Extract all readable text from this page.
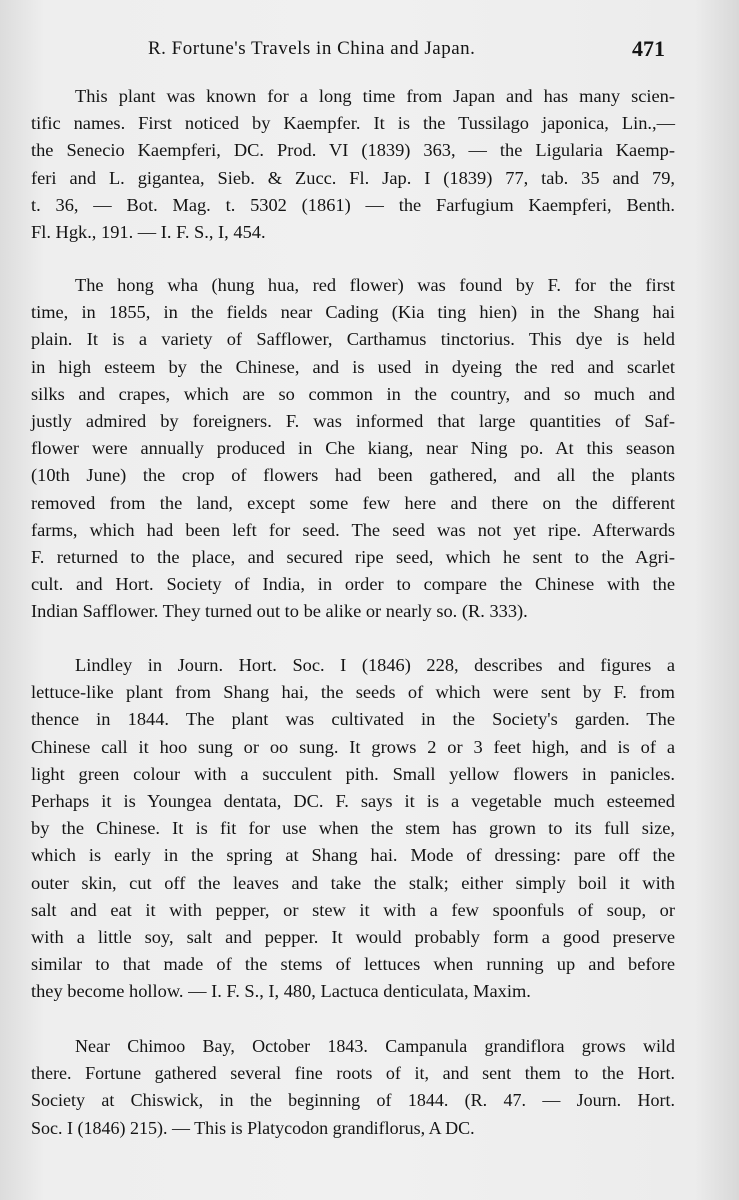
R. Fortune's Travels in China and Japan.	471
This plant was known for a long time from Japan and has many scien-
tific names. First noticed by Kaempfer. It is the Tussilago japonica, Lin.,—
the Senecio Kaempferi, DC. Prod. VI (1839) 363, — the Ligularia Kaemp-
feri and L. gigantea, Sieb. & Zucc. Fl. Jap. I (1839) 77, tab. 35 and 79,
t. 36, — Bot. Mag. t. 5302 (1861) — the Farfugium Kaempferi, Benth.
Fl. Hgk., 191. — I. F. S., I, 454.
The hong wha (hung hua, red flower) was found by F. for the first
time, in 1855, in the fields near Cading (Kia ting hien) in the Shang hai
plain. It is a variety of Safflower, Carthamus tinctorius. This dye is held
in high esteem by the Chinese, and is used in dyeing the red and scarlet
silks and crapes, which are so common in the country, and so much and
justly admired by foreigners. F. was informed that large quantities of Saf-
flower were annually produced in Che kiang, near Ning po. At this season
(10th June) the crop of flowers had been gathered, and all the plants
removed from the land, except some few here and there on the different
farms, which had been left for seed. The seed was not yet ripe. Afterwards
F. returned to the place, and secured ripe seed, which he sent to the Agri-
cult. and Hort. Society of India, in order to compare the Chinese with the
Indian Safflower. They turned out to be alike or nearly so. (R. 333).
Lindley in Journ. Hort. Soc. I (1846) 228, describes and figures a
lettuce-like plant from Shang hai, the seeds of which were sent by F. from
thence in 1844. The plant was cultivated in the Society's garden. The
Chinese call it hoo sung or oo sung. It grows 2 or 3 feet high, and is of a
light green colour with a succulent pith. Small yellow flowers in panicles.
Perhaps it is Youngea dentata, DC. F. says it is a vegetable much esteemed
by the Chinese. It is fit for use when the stem has grown to its full size,
which is early in the spring at Shang hai. Mode of dressing: pare off the
outer skin, cut off the leaves and take the stalk; either simply boil it with
salt and eat it with pepper, or stew it with a few spoonfuls of soup, or
with a little soy, salt and pepper. It would probably form a good preserve
similar to that made of the stems of lettuces when running up and before
they become hollow. — I. F. S., I, 480, Lactuca denticulata, Maxim.
Near Chimoo Bay, October 1843. Campanula grandiflora grows wild
there. Fortune gathered several fine roots of it, and sent them to the Hort.
Society at Chiswick, in the beginning of 1844. (R. 47. — Journ. Hort.
Soc. I (1846) 215). — This is Platycodon grandiflorus, A DC.
